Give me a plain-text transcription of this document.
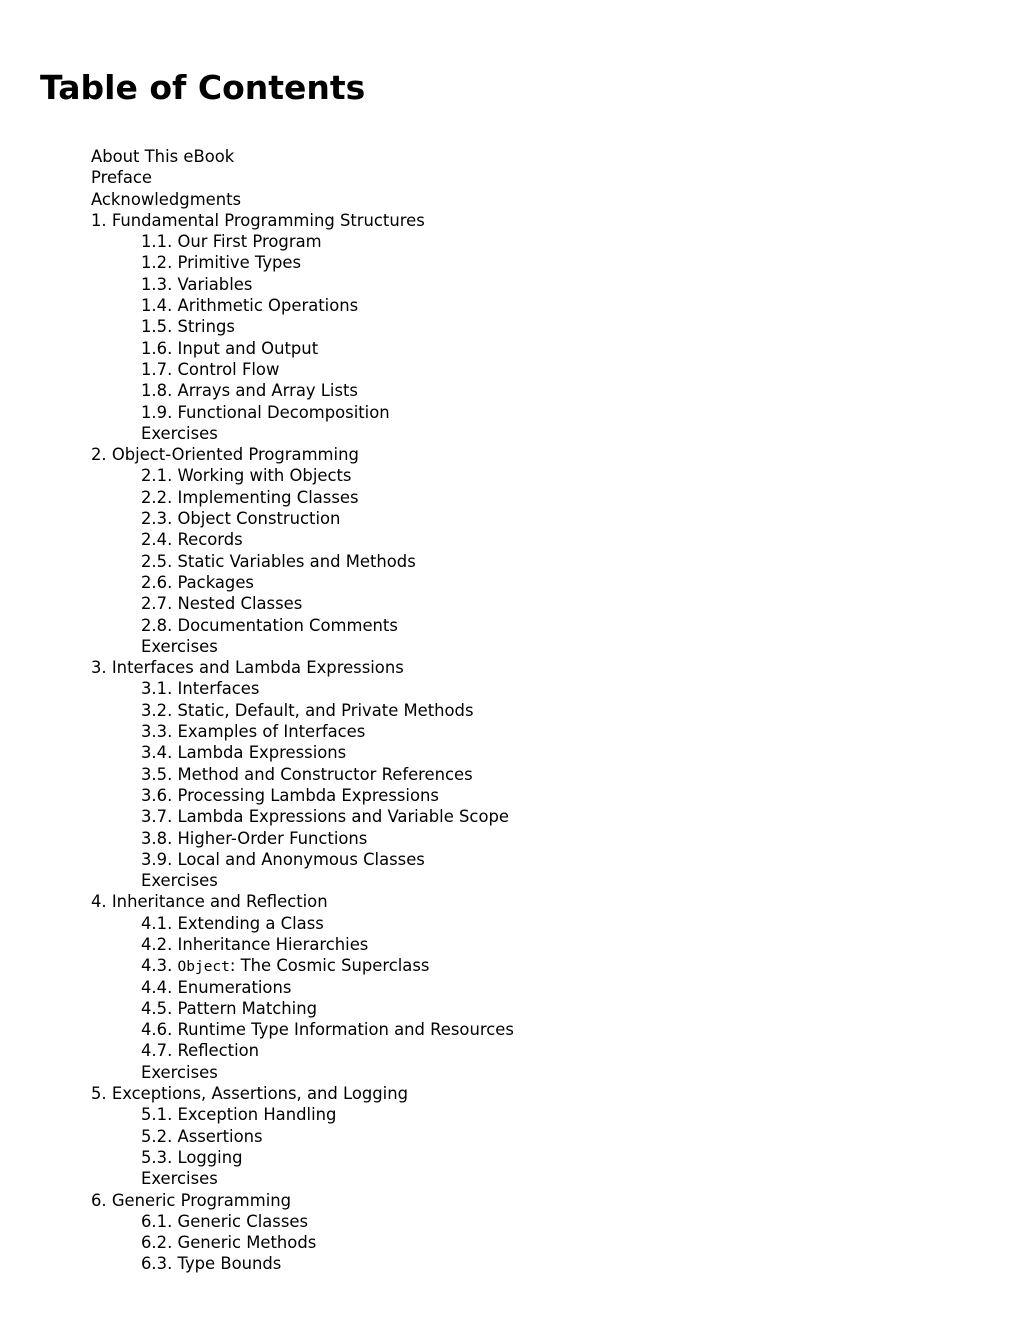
Table of Contents
About This eBook
Preface
Acknowledgments
1. Fundamental Programming Structures
1.1. Our First Program
1.2. Primitive Types
1.3. Variables
1.4. Arithmetic Operations
1.5. Strings
1.6. Input and Output
1.7. Control Flow
1.8. Arrays and Array Lists
1.9. Functional Decomposition
Exercises
2. Object-Oriented Programming
2.1. Working with Objects
2.2. Implementing Classes
2.3. Object Construction
2.4. Records
2.5. Static Variables and Methods
2.6. Packages
2.7. Nested Classes
2.8. Documentation Comments
Exercises
3. Interfaces and Lambda Expressions
3.1. Interfaces
3.2. Static, Default, and Private Methods
3.3. Examples of Interfaces
3.4. Lambda Expressions
3.5. Method and Constructor References
3.6. Processing Lambda Expressions
3.7. Lambda Expressions and Variable Scope
3.8. Higher-Order Functions
3.9. Local and Anonymous Classes
Exercises
4. Inheritance and Reflection
4.1. Extending a Class
4.2. Inheritance Hierarchies
4.3. Object: The Cosmic Superclass
4.4. Enumerations
4.5. Pattern Matching
4.6. Runtime Type Information and Resources
4.7. Reflection
Exercises
5. Exceptions, Assertions, and Logging
5.1. Exception Handling
5.2. Assertions
5.3. Logging
Exercises
6. Generic Programming
6.1. Generic Classes
6.2. Generic Methods
6.3. Type Bounds
